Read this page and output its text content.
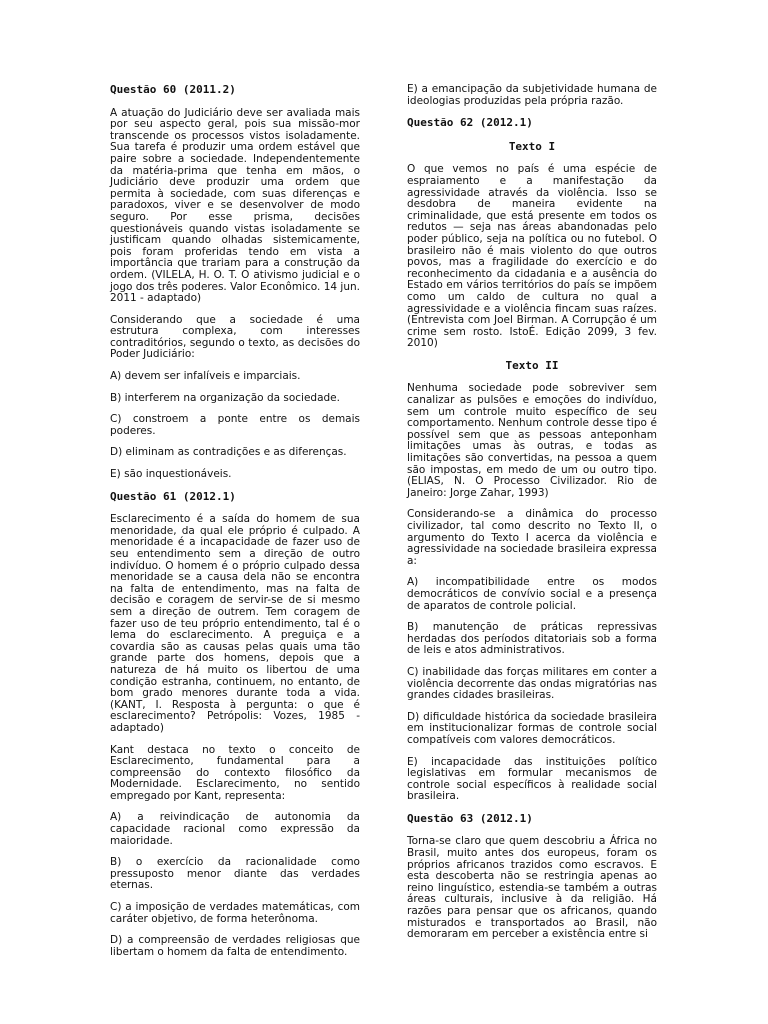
Questão 60 (2011.2)

A atuação do Judiciário deve ser avaliada mais por seu aspecto geral, pois sua missão-mor transcende os processos vistos isoladamente. Sua tarefa é produzir uma ordem estável que paire sobre a sociedade. Independentemente da matéria-prima que tenha em mãos, o Judiciário deve produzir uma ordem que permita à sociedade, com suas diferenças e paradoxos, viver e se desenvolver de modo seguro. Por esse prisma, decisões questionáveis quando vistas isoladamente se justificam quando olhadas sistemicamente, pois foram proferidas tendo em vista a importância que trariam para a construção da ordem. (VILELA, H. O. T. O ativismo judicial e o jogo dos três poderes. Valor Econômico. 14 jun. 2011 - adaptado)

Considerando que a sociedade é uma estrutura complexa, com interesses contraditórios, segundo o texto, as decisões do Poder Judiciário:

A) devem ser infalíveis e imparciais.
B) interferem na organização da sociedade.
C) constroem a ponte entre os demais poderes.
D) eliminam as contradições e as diferenças.
E) são inquestionáveis.
Questão 61 (2012.1)

Esclarecimento é a saída do homem de sua menoridade, da qual ele próprio é culpado. A menoridade é a incapacidade de fazer uso de seu entendimento sem a direção de outro indivíduo. O homem é o próprio culpado dessa menoridade se a causa dela não se encontra na falta de entendimento, mas na falta de decisão e coragem de servir-se de si mesmo sem a direção de outrem. Tem coragem de fazer uso de teu próprio entendimento, tal é o lema do esclarecimento. A preguiça e a covardia são as causas pelas quais uma tão grande parte dos homens, depois que a natureza de há muito os libertou de uma condição estranha, continuem, no entanto, de bom grado menores durante toda a vida. (KANT, I. Resposta à pergunta: o que é esclarecimento? Petrópolis: Vozes, 1985 - adaptado)

Kant destaca no texto o conceito de Esclarecimento, fundamental para a compreensão do contexto filosófico da Modernidade. Esclarecimento, no sentido empregado por Kant, representa:

A) a reivindicação de autonomia da capacidade racional como expressão da maioridade.
B) o exercício da racionalidade como pressuposto menor diante das verdades eternas.
C) a imposição de verdades matemáticas, com caráter objetivo, de forma heterônoma.
D) a compreensão de verdades religiosas que libertam o homem da falta de entendimento.
E) a emancipação da subjetividade humana de ideologias produzidas pela própria razão.
Questão 62 (2012.1)
Texto I

O que vemos no país é uma espécie de espraiamento e a manifestação da agressividade através da violência. Isso se desdobra de maneira evidente na criminalidade, que está presente em todos os redutos — seja nas áreas abandonadas pelo poder público, seja na política ou no futebol. O brasileiro não é mais violento do que outros povos, mas a fragilidade do exercício e do reconhecimento da cidadania e a ausência do Estado em vários territórios do país se impõem como um caldo de cultura no qual a agressividade e a violência fincam suas raízes. (Entrevista com Joel Birman. A Corrupção é um crime sem rosto. IstoÉ. Edição 2099, 3 fev. 2010)

Texto II

Nenhuma sociedade pode sobreviver sem canalizar as pulsões e emoções do indivíduo, sem um controle muito específico de seu comportamento. Nenhum controle desse tipo é possível sem que as pessoas anteponham limitações umas às outras, e todas as limitações são convertidas, na pessoa a quem são impostas, em medo de um ou outro tipo. (ELIAS, N. O Processo Civilizador. Rio de Janeiro: Jorge Zahar, 1993)

Considerando-se a dinâmica do processo civilizador, tal como descrito no Texto II, o argumento do Texto I acerca da violência e agressividade na sociedade brasileira expressa a:

A) incompatibilidade entre os modos democráticos de convívio social e a presença de aparatos de controle policial.
B) manutenção de práticas repressivas herdadas dos períodos ditatoriais sob a forma de leis e atos administrativos.
C) inabilidade das forças militares em conter a violência decorrente das ondas migratórias nas grandes cidades brasileiras.
D) dificuldade histórica da sociedade brasileira em institucionalizar formas de controle social compatíveis com valores democráticos.
E) incapacidade das instituições político legislativas em formular mecanismos de controle social específicos à realidade social brasileira.
Questão 63 (2012.1)

Torna-se claro que quem descobriu a África no Brasil, muito antes dos europeus, foram os próprios africanos trazidos como escravos. E esta descoberta não se restringia apenas ao reino linguístico, estendia-se também a outras áreas culturais, inclusive à da religião. Há razões para pensar que os africanos, quando misturados e transportados ao Brasil, não demoraram em perceber a existência entre si
